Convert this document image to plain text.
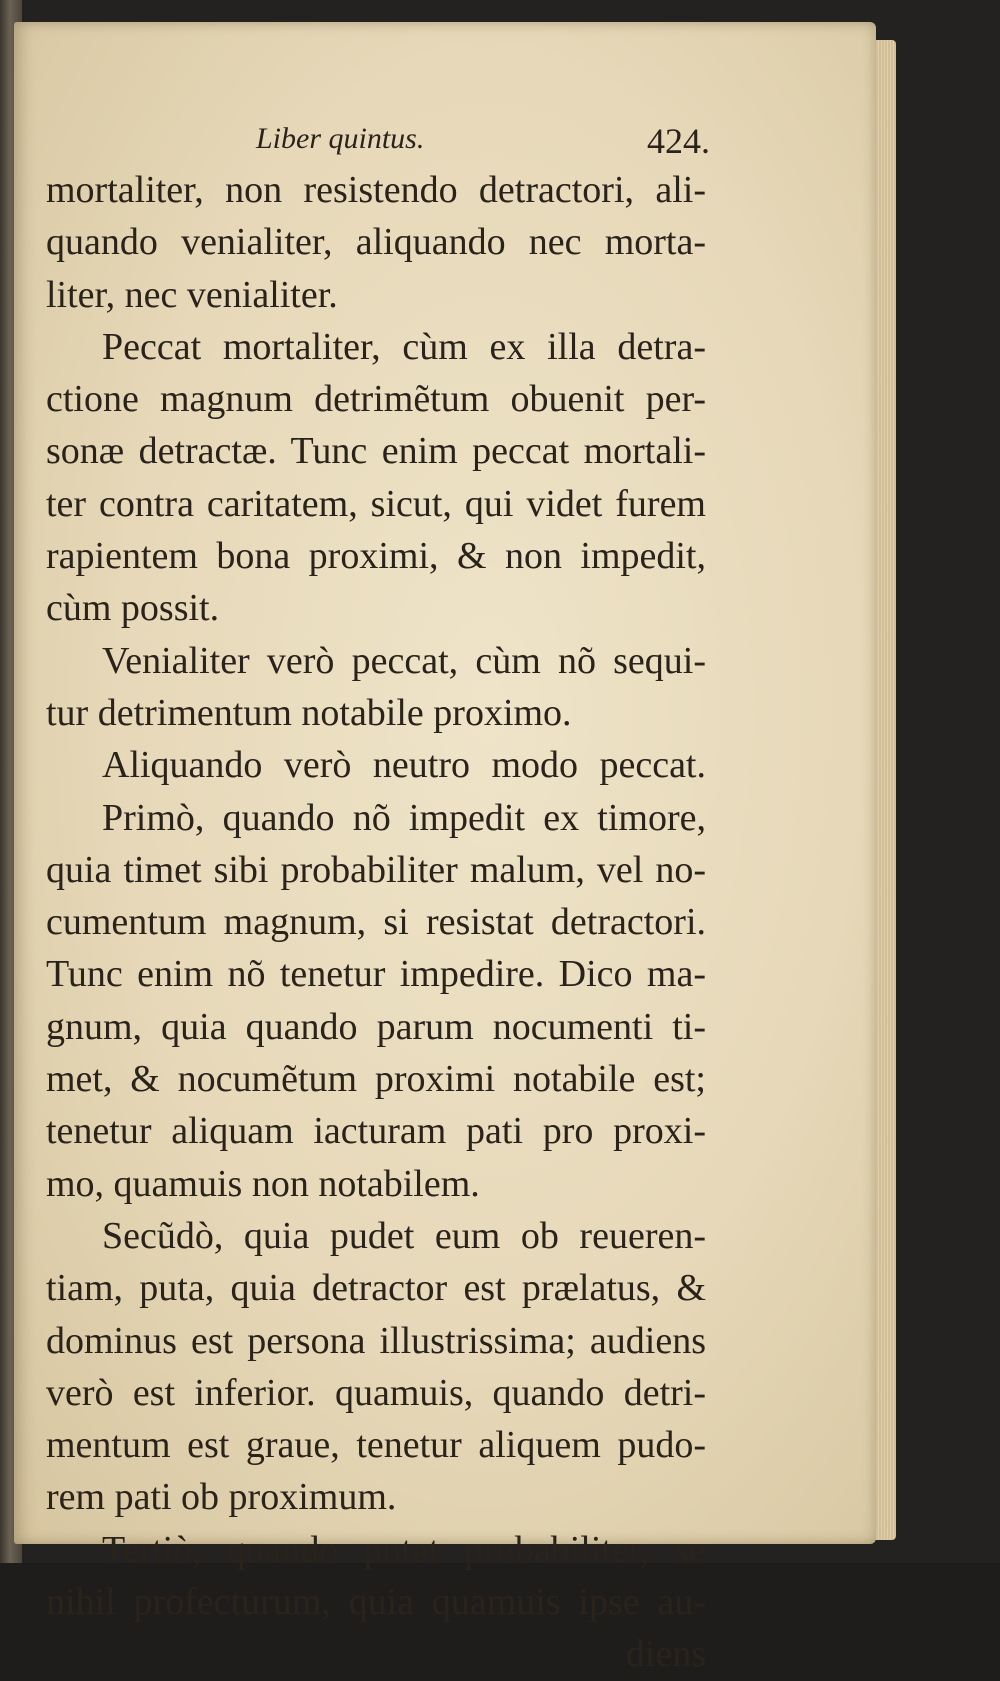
Liber quintus.	424.
mortaliter, non resistendo detractori, ali-
quando venialiter, aliquando nec morta-
liter, nec venialiter.
Peccat mortaliter, cùm ex illa detra-
ctione magnum detrimẽtum obuenit per-
sonæ detractæ. Tunc enim peccat mortali-
ter contra caritatem, sicut, qui videt furem
rapientem bona proximi, & non impedit,
cùm possit.
Venialiter verò peccat, cùm nõ sequi-
tur detrimentum notabile proximo.
Aliquando verò neutro modo peccat.
Primò, quando nõ impedit ex timore,
quia timet sibi probabiliter malum, vel no-
cumentum magnum, si resistat detractori.
Tunc enim nõ tenetur impedire. Dico ma-
gnum, quia quando parum nocumenti ti-
met, & nocumẽtum proximi notabile est;
tenetur aliquam iacturam pati pro proxi-
mo, quamuis non notabilem.
Secũdò, quia pudet eum ob reueren-
tiam, puta, quia detractor est prælatus, &
dominus est persona illustrissima; audiens
verò est inferior. quamuis, quando detri-
mentum est graue, tenetur aliquem pudo-
rem pati ob proximum.
Tertiò, quando putat probabiliter, se
nihil profecturum, quia quamuis ipse au-
diens
